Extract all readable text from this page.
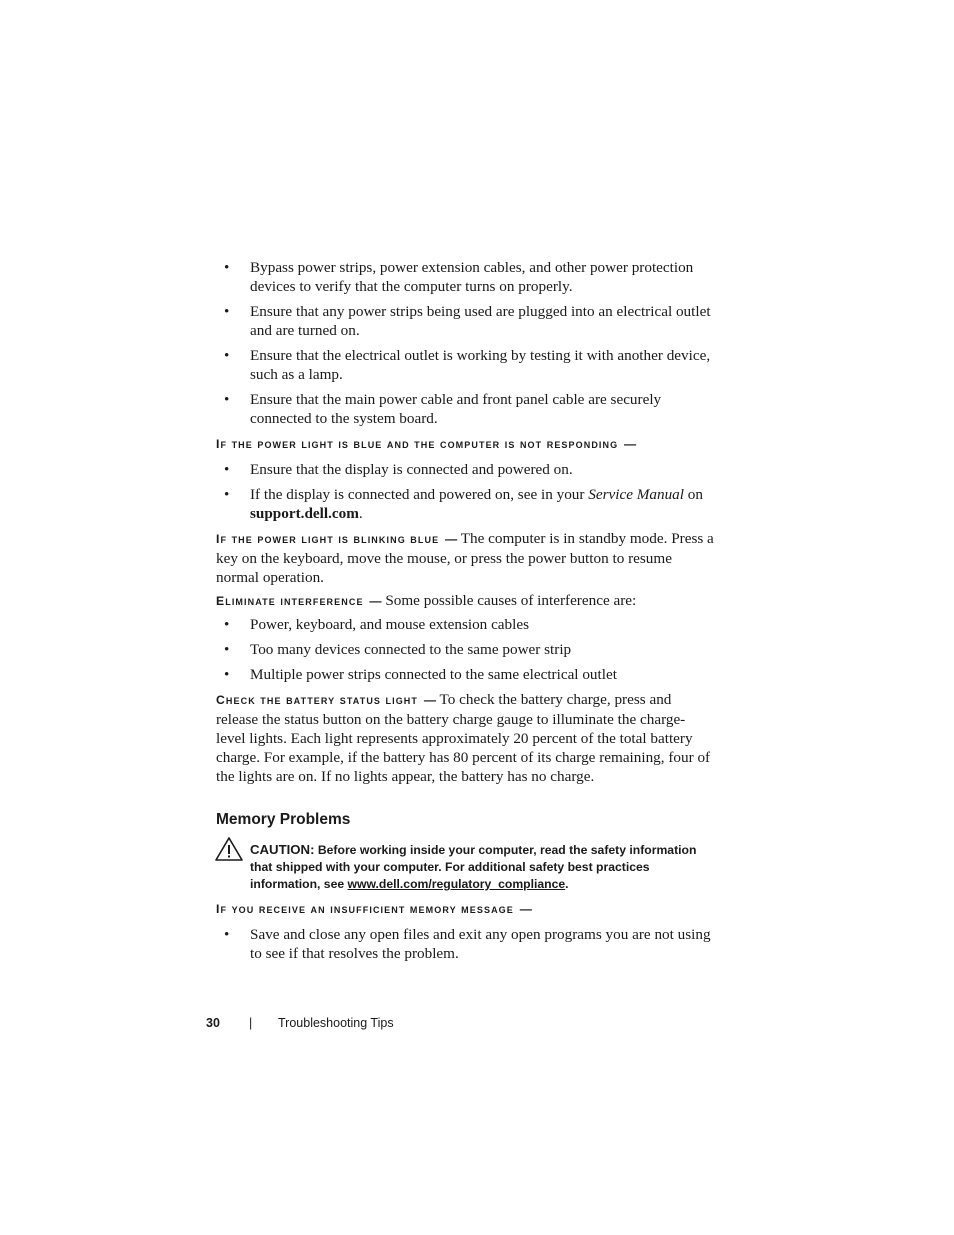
• Bypass power strips, power extension cables, and other power protection devices to verify that the computer turns on properly.
• Ensure that any power strips being used are plugged into an electrical outlet and are turned on.
• Ensure that the electrical outlet is working by testing it with another device, such as a lamp.
• Ensure that the main power cable and front panel cable are securely connected to the system board.
If the power light is blue and the computer is not responding —
• Ensure that the display is connected and powered on.
• If the display is connected and powered on, see in your Service Manual on support.dell.com.

If the power light is blinking blue — The computer is in standby mode. Press a key on the keyboard, move the mouse, or press the power button to resume normal operation.

Eliminate interference — Some possible causes of interference are:

• Power, keyboard, and mouse extension cables
• Too many devices connected to the same power strip
• Multiple power strips connected to the same electrical outlet

Check the battery status light — To check the battery charge, press and release the status button on the battery charge gauge to illuminate the charge-level lights. Each light represents approximately 20 percent of the total battery charge. For example, if the battery has 80 percent of its charge remaining, four of the lights are on. If no lights appear, the battery has no charge.

Memory Problems
CAUTION: Before working inside your computer, read the safety information that shipped with your computer. For additional safety best practices information, see www.dell.com/regulatory_compliance.
If you receive an insufficient memory message —
• Save and close any open files and exit any open programs you are not using to see if that resolves the problem.
30 | Troubleshooting Tips
